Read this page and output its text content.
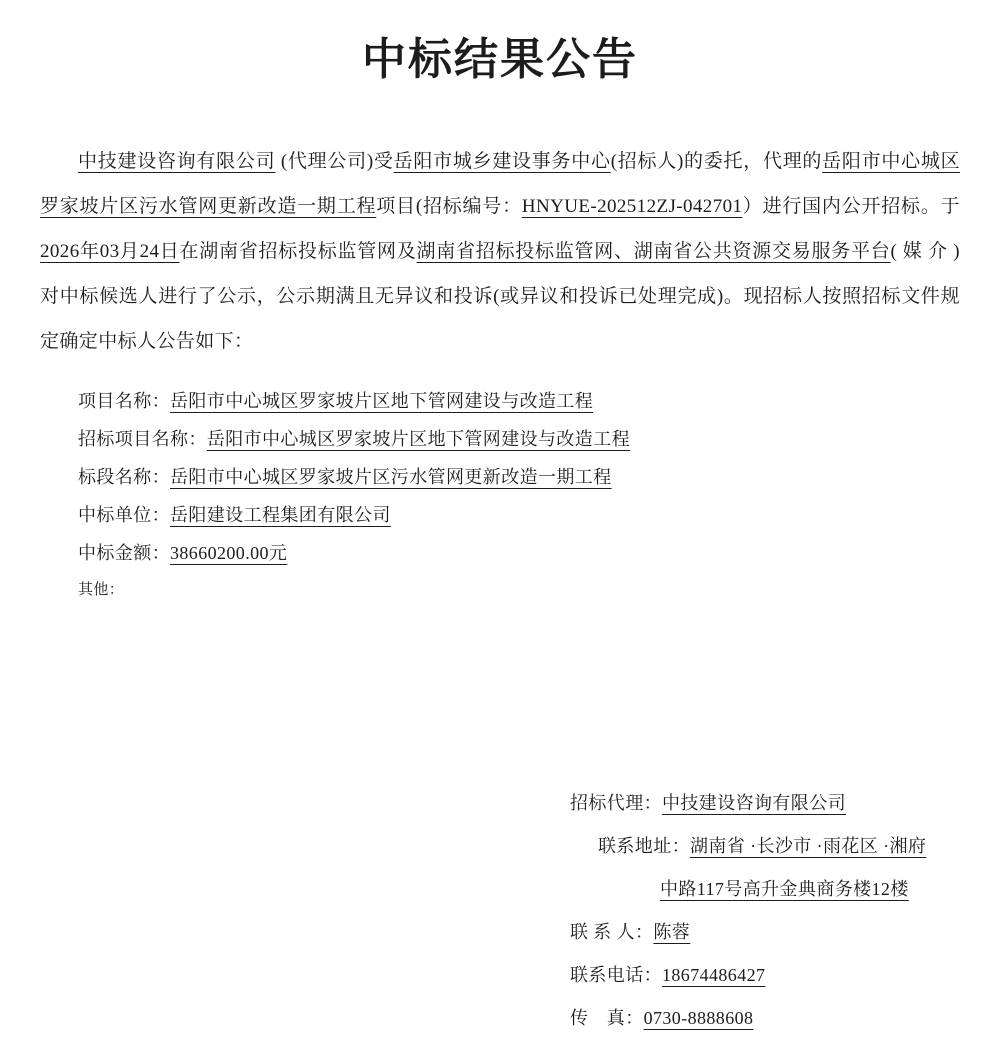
中标结果公告

中技建设咨询有限公司 (代理公司)受岳阳市城乡建设事务中心(招标人)的委托，代理的岳阳市中心城区罗家坡片区污水管网更新改造一期工程项目(招标编号：HNYUE-202512ZJ-042701）进行国内公开招标。于2026年03月24日在湖南省招标投标监管网及湖南省招标投标监管网、湖南省公共资源交易服务平台( 媒 介 )对中标候选人进行了公示，公示期满且无异议和投诉(或异议和投诉已处理完成)。现招标人按照招标文件规定确定中标人公告如下：

项目名称：岳阳市中心城区罗家坡片区地下管网建设与改造工程
招标项目名称：岳阳市中心城区罗家坡片区地下管网建设与改造工程
标段名称：岳阳市中心城区罗家坡片区污水管网更新改造一期工程
中标单位：岳阳建设工程集团有限公司
中标金额：38660200.00元
其他：
招标代理：中技建设咨询有限公司
联系地址：湖南省 ·长沙市 ·雨花区 ·湘府
中路117号高升金典商务楼12楼
联 系 人：陈蓉
联系电话：18674486427
传　真：0730-8888608
